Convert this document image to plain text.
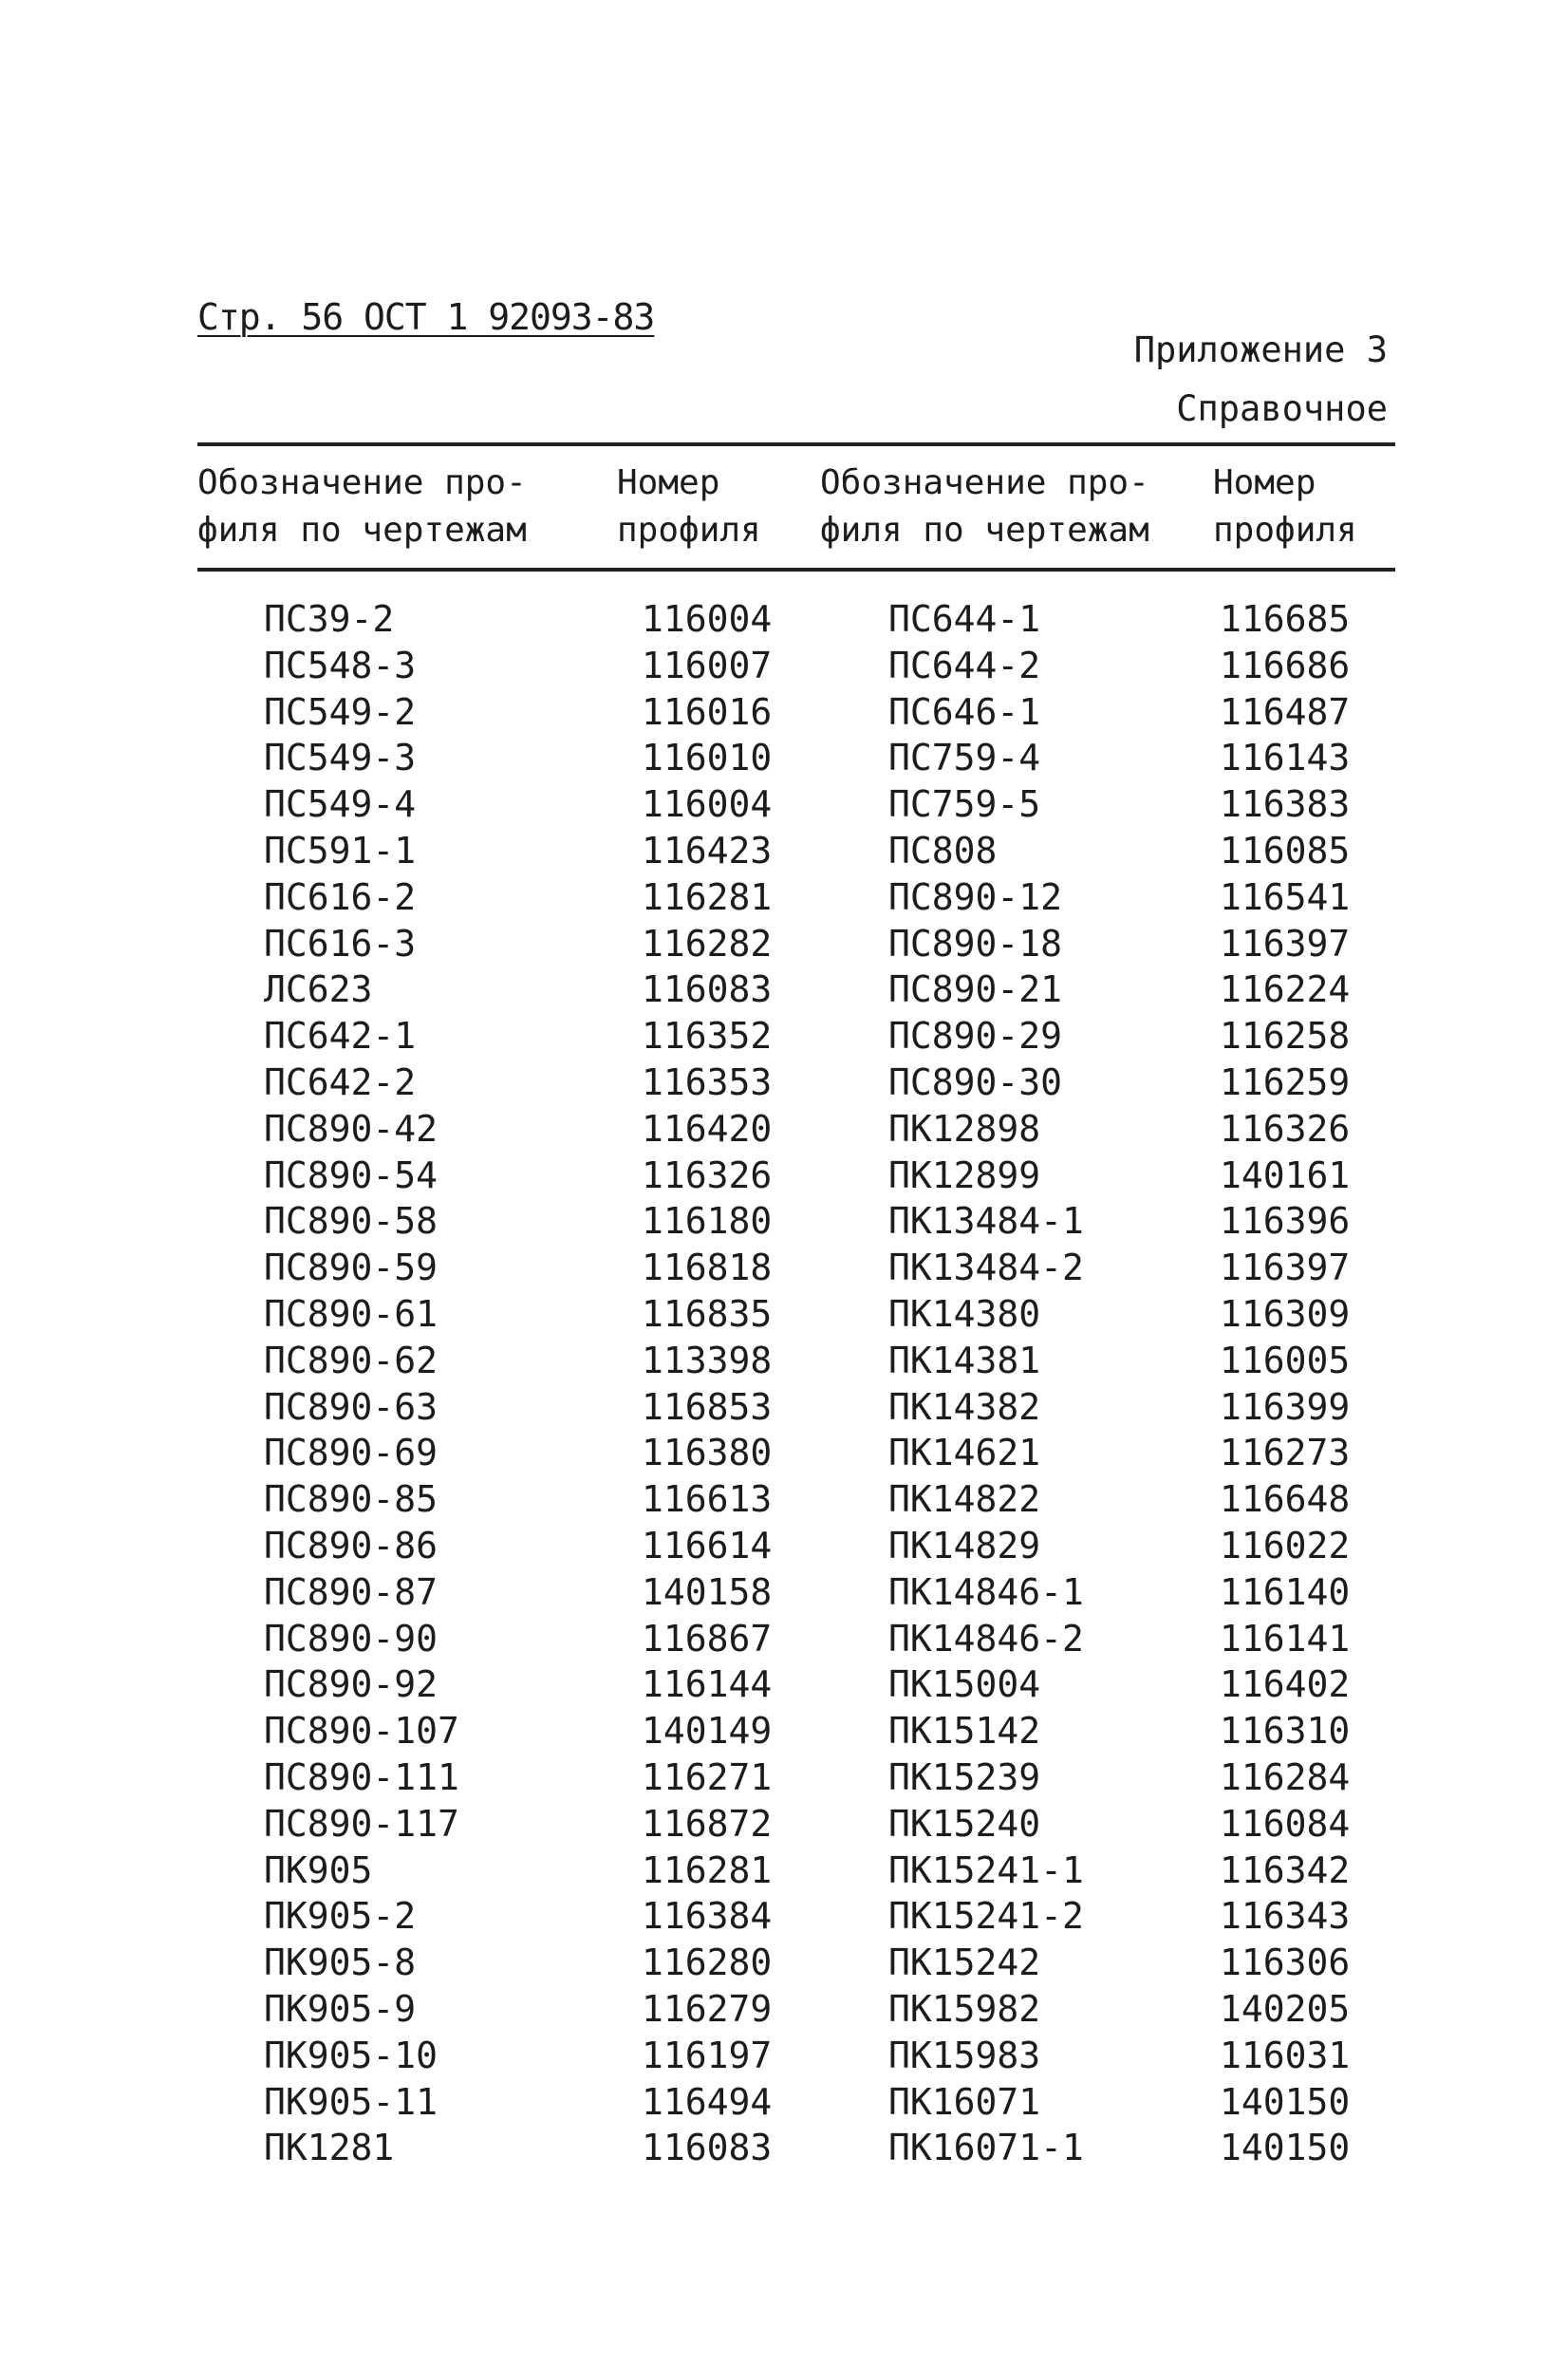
Стр. 56 ОСТ 1 92093-83
Приложение 3
Справочное
Обозначение про-
филя по чертежам
Номер
профиля
Обозначение про-
филя по чертежам
Номер
профиля
ПС39-2	116004	ПС644-1	116685
ПС548-3	116007	ПС644-2	116686
ПС549-2	116016	ПС646-1	116487
ПС549-3	116010	ПС759-4	116143
ПС549-4	116004	ПС759-5	116383
ПС591-1	116423	ПС808	116085
ПС616-2	116281	ПС890-12	116541
ПС616-3	116282	ПС890-18	116397
ЛС623	116083	ПС890-21	116224
ПС642-1	116352	ПС890-29	116258
ПС642-2	116353	ПС890-30	116259
ПС890-42	116420	ПК12898	116326
ПС890-54	116326	ПК12899	140161
ПС890-58	116180	ПК13484-1	116396
ПС890-59	116818	ПК13484-2	116397
ПС890-61	116835	ПК14380	116309
ПС890-62	113398	ПК14381	116005
ПС890-63	116853	ПК14382	116399
ПС890-69	116380	ПК14621	116273
ПС890-85	116613	ПК14822	116648
ПС890-86	116614	ПК14829	116022
ПС890-87	140158	ПК14846-1	116140
ПС890-90	116867	ПК14846-2	116141
ПС890-92	116144	ПК15004	116402
ПС890-107	140149	ПК15142	116310
ПС890-111	116271	ПК15239	116284
ПС890-117	116872	ПК15240	116084
ПК905	116281	ПК15241-1	116342
ПК905-2	116384	ПК15241-2	116343
ПК905-8	116280	ПК15242	116306
ПК905-9	116279	ПК15982	140205
ПК905-10	116197	ПК15983	116031
ПК905-11	116494	ПК16071	140150
ПК1281	116083	ПК16071-1	140150
